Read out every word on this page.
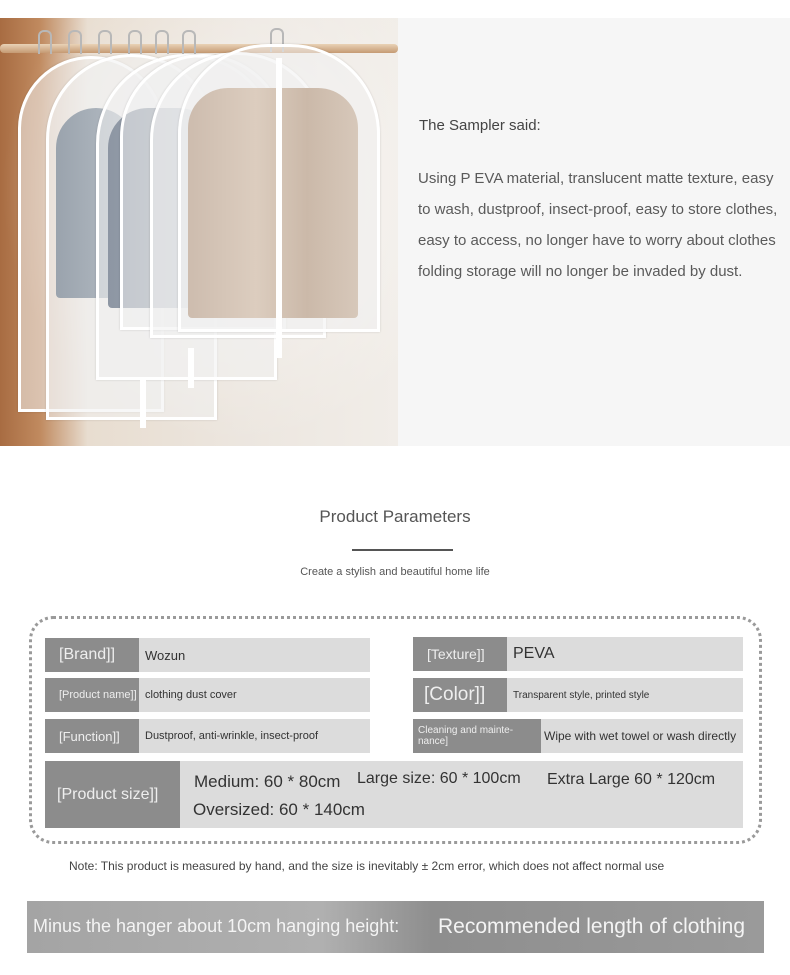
The Sampler said:
Using P EVA material, translucent matte texture, easy to wash, dustproof, insect-proof, easy to store clothes, easy to access, no longer have to worry about clothes folding storage will no longer be invaded by dust.
Product Parameters
Create a stylish and beautiful home life
[Brand]]	Wozun
[Product name]] clothing dust cover
[Function]]	Dustproof, anti-wrinkle, insect-proof
[Texture]]	PEVA
[Color]]	Transparent style, printed style
Cleaning and mainte-nance]	Wipe with wet towel or wash directly
[Product size]]
Medium: 60 * 80cm Large size: 60 * 100cm Extra Large 60 * 120cm
Oversized: 60 * 140cm
Note: This product is measured by hand, and the size is inevitably ± 2cm error, which does not affect normal use
Minus the hanger about 10cm hanging height: Recommended length of clothing
